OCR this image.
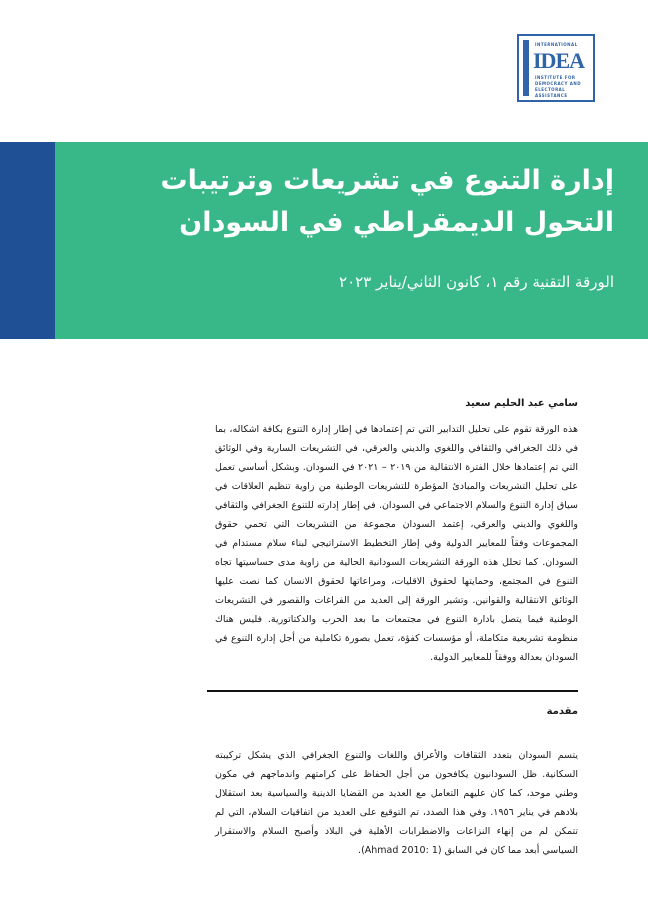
INTERNATIONAL
IDEA
INSTITUTE FOR
DEMOCRACY AND
ELECTORAL
ASSISTANCE
إدارة التنوع في تشريعات وترتيبات التحول الديمقراطي في السودان
الورقة التقنية رقم ١، كانون الثاني/يناير ٢٠٢٣
سامي عبد الحليم سعيد
هذه الورقة تقوم على تحليل التدابير التي تم إعتمادها في إطار إدارة التنوع بكافة اشكاله، بما في ذلك الجغرافي والثقافي واللغوي والديني والعرقي، في التشريعات السارية وفي الوثائق التي تم إعتمادها خلال الفترة الانتقالية من ٢٠١٩ – ٢٠٢١ في السودان. وبشكل أساسي تعمل على تحليل التشريعات والمبادئ المؤطرة للتشريعات الوطنية من زاوية تنظيم العلاقات في سياق إدارة التنوع والسلام الاجتماعي في السودان. في إطار إدارته للتنوع الجغرافي والثقافي واللغوي والديني والعرقي، إعتمد السودان مجموعة من التشريعات التي تحمي حقوق المجموعات وفقاً للمعايير الدولية وفي إطار التخطيط الاستراتيجي لبناء سلام مستدام في السودان. كما تحلل هذه الورقة التشريعات السودانية الحالية من زاوية مدى حساسيتها تجاه التنوع في المجتمع، وحمايتها لحقوق الاقليات، ومراعاتها لحقوق الانسان كما نصت عليها الوثائق الانتقالية والقوانين. وتشير الورقة إلى العديد من الفراغات والقصور في التشريعات الوطنية فيما يتصل بادارة التنوع في مجتمعات ما بعد الحرب والدكتاتورية. فليس هناك منظومة تشريعية متكاملة، أو مؤسسات كفؤة، تعمل بصورة تكاملية من أجل إدارة التنوع في السودان بعدالة ووفقاً للمعايير الدولية.
مقدمة
يتسم السودان بتعدد الثقافات والأعراق واللغات والتنوع الجغرافي الذي يشكل تركيبته السكانية. ظل السودانيون يكافحون من أجل الحفاظ على كرامتهم واندماجهم في مكون وطني موحد، كما كان عليهم التعامل مع العديد من القضايا الدينية والسياسية بعد استقلال بلادهم في يناير ١٩٥٦. وفي هذا الصدد، تم التوقيع على العديد من اتفاقيات السلام، التي لم تتمكن لم من إنهاء النزاعات والاضطرابات الأهلية في البلاد وأصبح السلام والاستقرار السياسي أبعد مما كان في السابق (Ahmad 2010: 1).
